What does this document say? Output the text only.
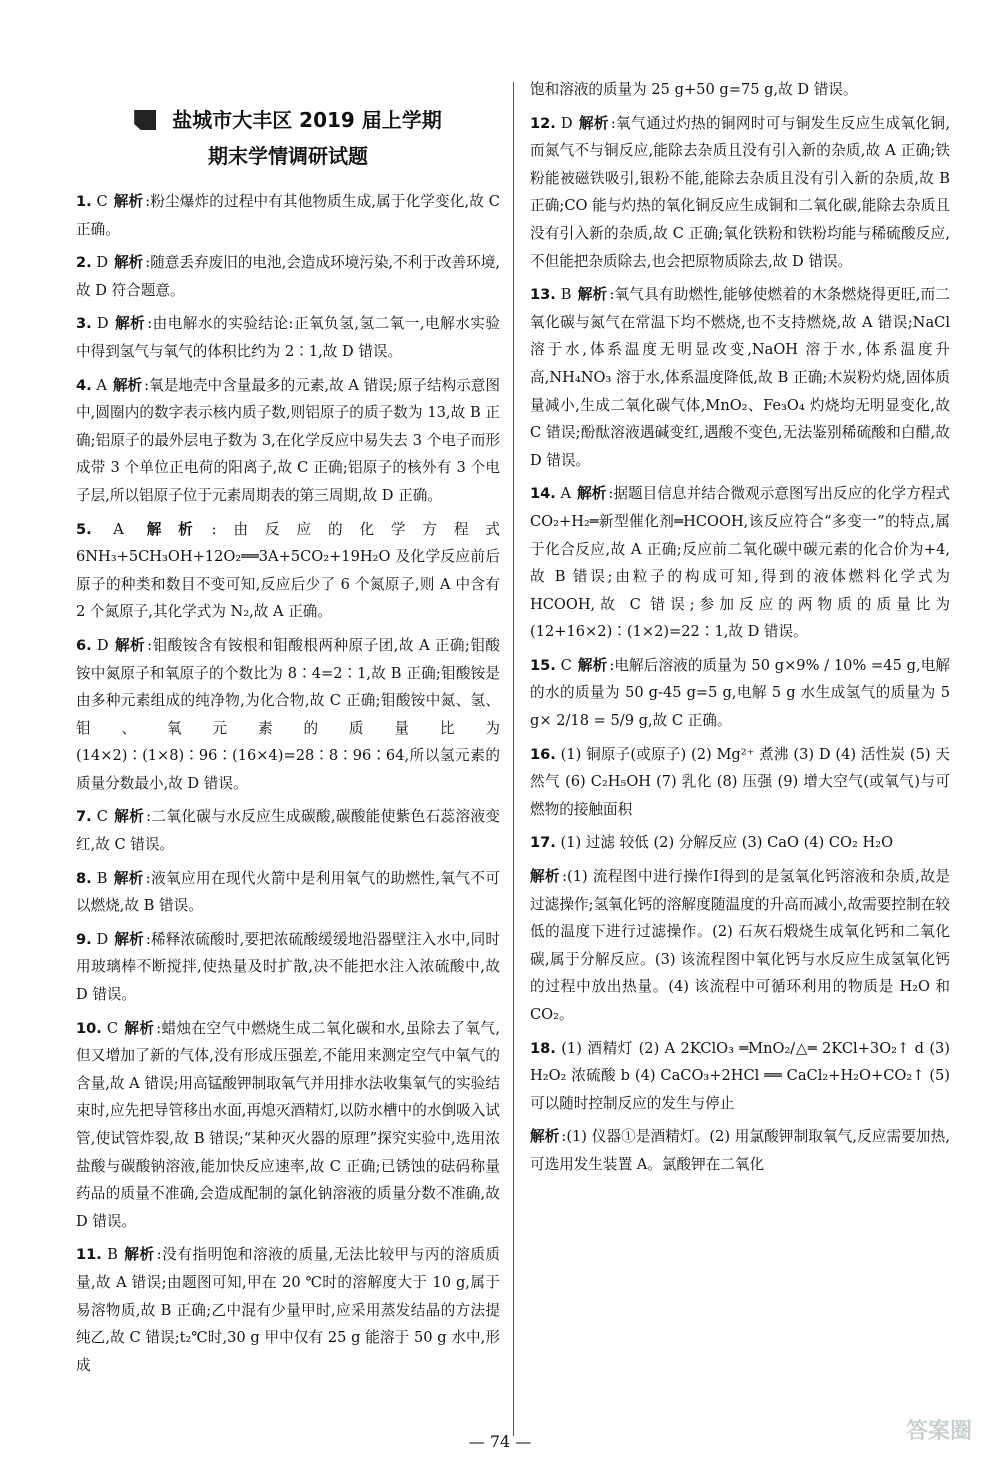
盐城市大丰区 2019 届上学期
期末学情调研试题
1. C 解析 :粉尘爆炸的过程中有其他物质生成,属于化学变化,故 C 正确。
2. D 解析 :随意丢弃废旧的电池,会造成环境污染,不利于改善环境,故 D 符合题意。
3. D 解析 :由电解水的实验结论:正氧负氢,氢二氧一,电解水实验中得到氢气与氧气的体积比约为 2∶1,故 D 错误。
4. A 解析 :氧是地壳中含量最多的元素,故 A 错误;原子结构示意图中,圆圈内的数字表示核内质子数,则铝原子的质子数为 13,故 B 正确;铝原子的最外层电子数为 3,在化学反应中易失去 3 个电子而形成带 3 个单位正电荷的阳离子,故 C 正确;铝原子的核外有 3 个电子层,所以铝原子位于元素周期表的第三周期,故 D 正确。
5. A 解析 :由反应的化学方程式 6NH₃+5CH₃OH+12O₂══3A+5CO₂+19H₂O 及化学反应前后原子的种类和数目不变可知,反应后少了 6 个氮原子,则 A 中含有 2 个氮原子,其化学式为 N₂,故 A 正确。
6. D 解析 :钼酸铵含有铵根和钼酸根两种原子团,故 A 正确;钼酸铵中氮原子和氧原子的个数比为 8∶4=2∶1,故 B 正确;钼酸铵是由多种元素组成的纯净物,为化合物,故 C 正确;钼酸铵中氮、氢、钼、氧元素的质量比为(14×2)∶(1×8)∶96∶(16×4)=28∶8∶96∶64,所以氢元素的质量分数最小,故 D 错误。
7. C 解析 :二氧化碳与水反应生成碳酸,碳酸能使紫色石蕊溶液变红,故 C 错误。
8. B 解析 :液氧应用在现代火箭中是利用氧气的助燃性,氧气不可以燃烧,故 B 错误。
9. D 解析 :稀释浓硫酸时,要把浓硫酸缓缓地沿器壁注入水中,同时用玻璃棒不断搅拌,使热量及时扩散,决不能把水注入浓硫酸中,故 D 错误。
10. C 解析 :蜡烛在空气中燃烧生成二氧化碳和水,虽除去了氧气,但又增加了新的气体,没有形成压强差,不能用来测定空气中氧气的含量,故 A 错误;用高锰酸钾制取氧气并用排水法收集氧气的实验结束时,应先把导管移出水面,再熄灭酒精灯,以防水槽中的水倒吸入试管,使试管炸裂,故 B 错误;“某种灭火器的原理”探究实验中,选用浓盐酸与碳酸钠溶液,能加快反应速率,故 C 正确;已锈蚀的砝码称量药品的质量不准确,会造成配制的氯化钠溶液的质量分数不准确,故 D 错误。
11. B 解析 :没有指明饱和溶液的质量,无法比较甲与丙的溶质质量,故 A 错误;由题图可知,甲在 20 ℃时的溶解度大于 10 g,属于易溶物质,故 B 正确;乙中混有少量甲时,应采用蒸发结晶的方法提纯乙,故 C 错误;t₂℃时,30 g 甲中仅有 25 g 能溶于 50 g 水中,形成
饱和溶液的质量为 25 g+50 g=75 g,故 D 错误。
12. D 解析 :氧气通过灼热的铜网时可与铜发生反应生成氧化铜,而氮气不与铜反应,能除去杂质且没有引入新的杂质,故 A 正确;铁粉能被磁铁吸引,银粉不能,能除去杂质且没有引入新的杂质,故 B 正确;CO 能与灼热的氧化铜反应生成铜和二氧化碳,能除去杂质且没有引入新的杂质,故 C 正确;氧化铁粉和铁粉均能与稀硫酸反应,不但能把杂质除去,也会把原物质除去,故 D 错误。
13. B 解析 :氧气具有助燃性,能够使燃着的木条燃烧得更旺,而二氧化碳与氮气在常温下均不燃烧,也不支持燃烧,故 A 错误;NaCl 溶于水,体系温度无明显改变,NaOH 溶于水,体系温度升高,NH₄NO₃ 溶于水,体系温度降低,故 B 正确;木炭粉灼烧,固体质量减小,生成二氧化碳气体,MnO₂、Fe₃O₄ 灼烧均无明显变化,故 C 错误;酚酞溶液遇碱变红,遇酸不变色,无法鉴别稀硫酸和白醋,故 D 错误。
14. A 解析 :据题目信息并结合微观示意图写出反应的化学方程式 CO₂+H₂═新型催化剂═HCOOH,该反应符合“多变一”的特点,属于化合反应,故 A 正确;反应前二氧化碳中碳元素的化合价为+4,故 B 错误;由粒子的构成可知,得到的液体燃料化学式为 HCOOH,故 C 错误;参加反应的两物质的质量比为(12+16×2)∶(1×2)=22∶1,故 D 错误。
15. C 解析 :电解后溶液的质量为 50 g×9% / 10% =45 g,电解的水的质量为 50 g-45 g=5 g,电解 5 g 水生成氢气的质量为 5 g× 2/18 = 5/9 g,故 C 正确。
16. (1) 铜原子(或原子) (2) Mg²⁺ 煮沸 (3) D (4) 活性炭 (5) 天然气 (6) C₂H₅OH (7) 乳化 (8) 压强 (9) 增大空气(或氧气)与可燃物的接触面积
17. (1) 过滤 较低 (2) 分解反应 (3) CaO (4) CO₂ H₂O
解析 :(1) 流程图中进行操作Ⅰ得到的是氢氧化钙溶液和杂质,故是过滤操作;氢氧化钙的溶解度随温度的升高而减小,故需要控制在较低的温度下进行过滤操作。(2) 石灰石煅烧生成氧化钙和二氧化碳,属于分解反应。(3) 该流程图中氧化钙与水反应生成氢氧化钙的过程中放出热量。(4) 该流程中可循环利用的物质是 H₂O 和 CO₂。
18. (1) 酒精灯 (2) A 2KClO₃ ═MnO₂/△═ 2KCl+3O₂↑ d (3) H₂O₂ 浓硫酸 b (4) CaCO₃+2HCl ══ CaCl₂+H₂O+CO₂↑ (5) 可以随时控制反应的发生与停止
解析 :(1) 仪器①是酒精灯。(2) 用氯酸钾制取氧气,反应需要加热,可选用发生装置 A。氯酸钾在二氧化
— 74 —	答案圈
